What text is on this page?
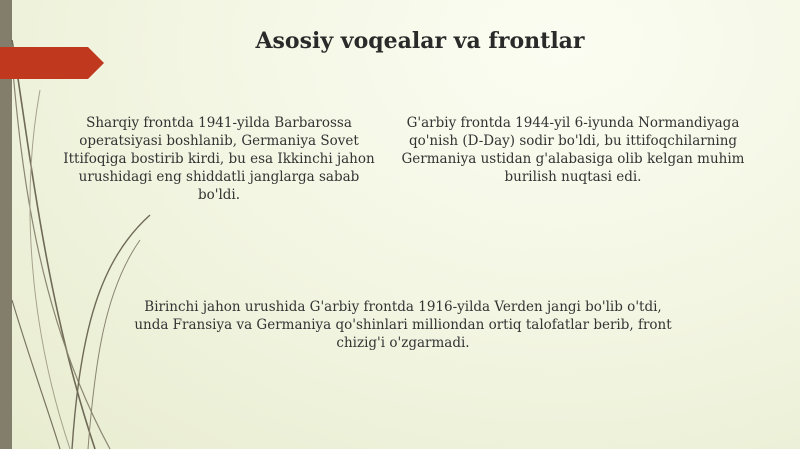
Asosiy voqealar va frontlar

Sharqiy frontda 1941-yilda Barbarossa operatsiyasi boshlanib, Germaniya Sovet Ittifoqiga bostirib kirdi, bu esa Ikkinchi jahon urushidagi eng shiddatli janglarga sabab bo'ldi.

G'arbiy frontda 1944-yil 6-iyunda Normandiyaga qo'nish (D-Day) sodir bo'ldi, bu ittifoqchilarning Germaniya ustidan g'alabasiga olib kelgan muhim burilish nuqtasi edi.

Birinchi jahon urushida G'arbiy frontda 1916-yilda Verden jangi bo'lib o'tdi, unda Fransiya va Germaniya qo'shinlari milliondan ortiq talofatlar berib, front chizig'i o'zgarmadi.
